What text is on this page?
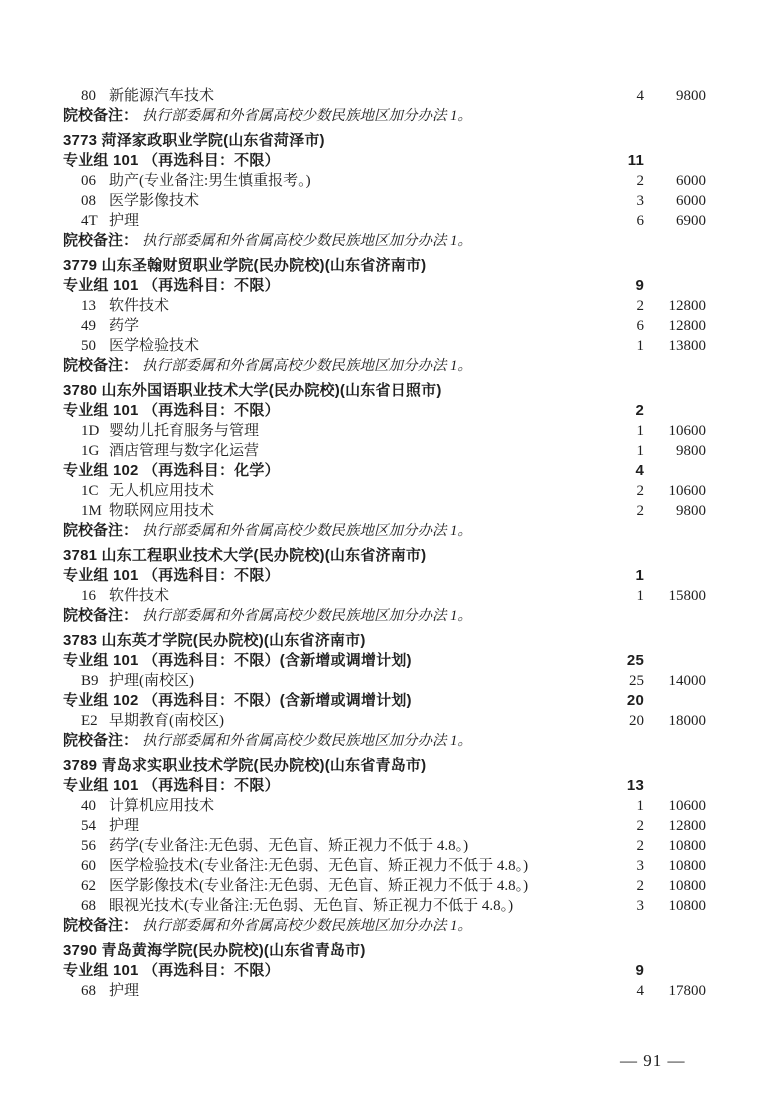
80 新能源汽车技术	4 9800
院校备注： 执行部委属和外省属高校少数民族地区加分办法 1。
3773 菏泽家政职业学院(山东省菏泽市)
专业组 101 （再选科目：不限）	11
06 助产(专业备注:男生慎重报考。)	2 6000
08 医学影像技术	3 6000
4T 护理	6 6900
院校备注： 执行部委属和外省属高校少数民族地区加分办法 1。
3779 山东圣翰财贸职业学院(民办院校)(山东省济南市)
专业组 101 （再选科目：不限）	9
13 软件技术	2 12800
49 药学	6 12800
50 医学检验技术	1 13800
院校备注： 执行部委属和外省属高校少数民族地区加分办法 1。
3780 山东外国语职业技术大学(民办院校)(山东省日照市)
专业组 101 （再选科目：不限）	2
1D 婴幼儿托育服务与管理	1 10600
1G 酒店管理与数字化运营	1 9800
专业组 102 （再选科目：化学）	4
1C 无人机应用技术	2 10600
1M 物联网应用技术	2 9800
院校备注： 执行部委属和外省属高校少数民族地区加分办法 1。
3781 山东工程职业技术大学(民办院校)(山东省济南市)
专业组 101 （再选科目：不限）	1
16 软件技术	1 15800
院校备注： 执行部委属和外省属高校少数民族地区加分办法 1。
3783 山东英才学院(民办院校)(山东省济南市)
专业组 101 （再选科目：不限）(含新增或调增计划)	25
B9 护理(南校区)	25 14000
专业组 102 （再选科目：不限）(含新增或调增计划)	20
E2 早期教育(南校区)	20 18000
院校备注： 执行部委属和外省属高校少数民族地区加分办法 1。
3789 青岛求实职业技术学院(民办院校)(山东省青岛市)
专业组 101 （再选科目：不限）	13
40 计算机应用技术	1 10600
54 护理	2 12800
56 药学(专业备注:无色弱、无色盲、矫正视力不低于 4.8。)	2 10800
60 医学检验技术(专业备注:无色弱、无色盲、矫正视力不低于 4.8。)	3 10800
62 医学影像技术(专业备注:无色弱、无色盲、矫正视力不低于 4.8。)	2 10800
68 眼视光技术(专业备注:无色弱、无色盲、矫正视力不低于 4.8。)	3 10800
院校备注： 执行部委属和外省属高校少数民族地区加分办法 1。
3790 青岛黄海学院(民办院校)(山东省青岛市)
专业组 101 （再选科目：不限）	9
68 护理	4 17800
— 91 —
